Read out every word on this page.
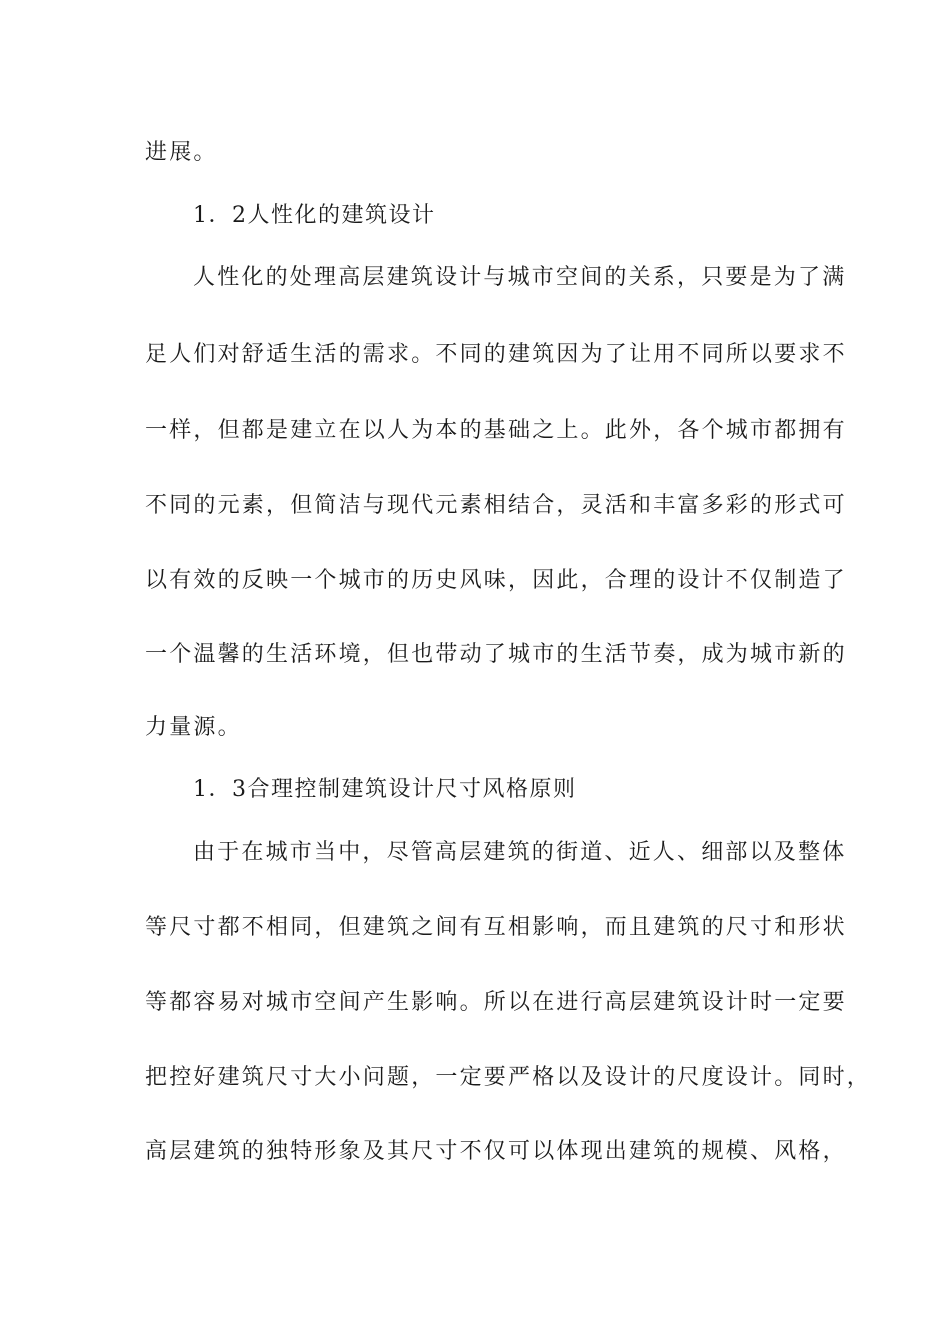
进展。
1．2人性化的建筑设计
人性化的处理高层建筑设计与城市空间的关系，只要是为了满
足人们对舒适生活的需求。不同的建筑因为了让用不同所以要求不
一样，但都是建立在以人为本的基础之上。此外，各个城市都拥有
不同的元素，但简洁与现代元素相结合，灵活和丰富多彩的形式可
以有效的反映一个城市的历史风味，因此，合理的设计不仅制造了
一个温馨的生活环境，但也带动了城市的生活节奏，成为城市新的
力量源。
1．3合理控制建筑设计尺寸风格原则
由于在城市当中，尽管高层建筑的街道、近人、细部以及整体
等尺寸都不相同，但建筑之间有互相影响，而且建筑的尺寸和形状
等都容易对城市空间产生影响。所以在进行高层建筑设计时一定要
把控好建筑尺寸大小问题，一定要严格以及设计的尺度设计。同时，
高层建筑的独特形象及其尺寸不仅可以体现出建筑的规模、风格，
